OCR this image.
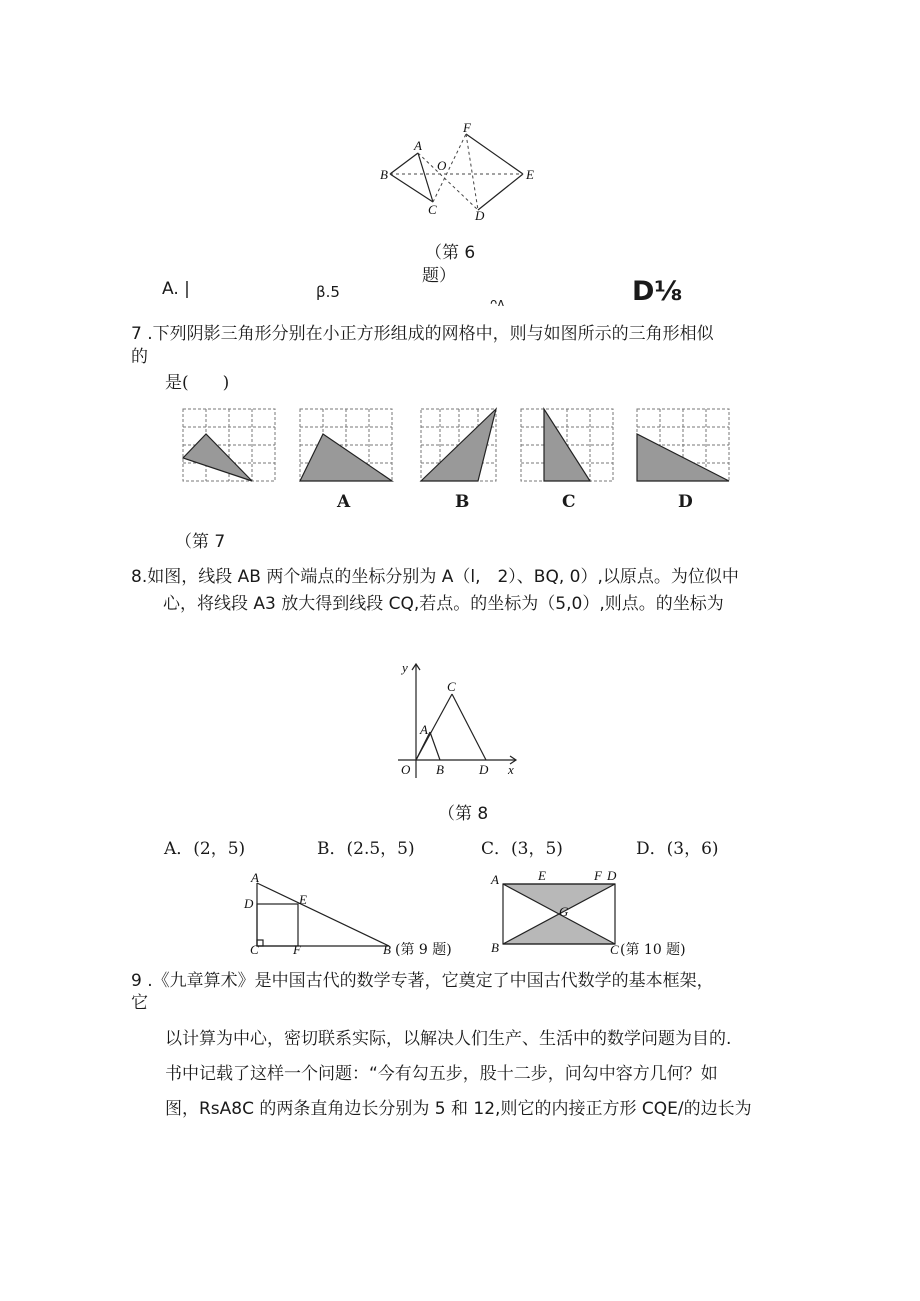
A
B
C
O
F
E
D
（第 6
题）
A. |	β.5
ᴖᴧ	D⅛
7 .下列阴影三角形分别在小正方形组成的网格中，则与如图所示的三角形相似
的
是(　　)
A	B	C	D
（第 7
8.如图，线段 AB 两个端点的坐标分别为 A（l,　2）、BQ, 0）,以原点。为位似中
心，将线段 A3 放大得到线段 CQ,若点。的坐标为（5,0）,则点。的坐标为
y
x
O
A
B
C
D
（第 8
A．(2，5)	B．(2.5，5)	C．(3，5)	D．(3，6)
A
D	E
C	F	B (第 9 题)
A	E	F D
G
B	C (第 10 题)
9 .《九章算术》是中国古代的数学专著，它奠定了中国古代数学的基本框架，
它
以计算为中心，密切联系实际，以解决人们生产、生活中的数学问题为目的.
书中记载了这样一个问题：“今有勾五步，股十二步，问勾中容方几何？如
图，RsA8C 的两条直角边长分别为 5 和 12,则它的内接正方形 CQE/的边长为
